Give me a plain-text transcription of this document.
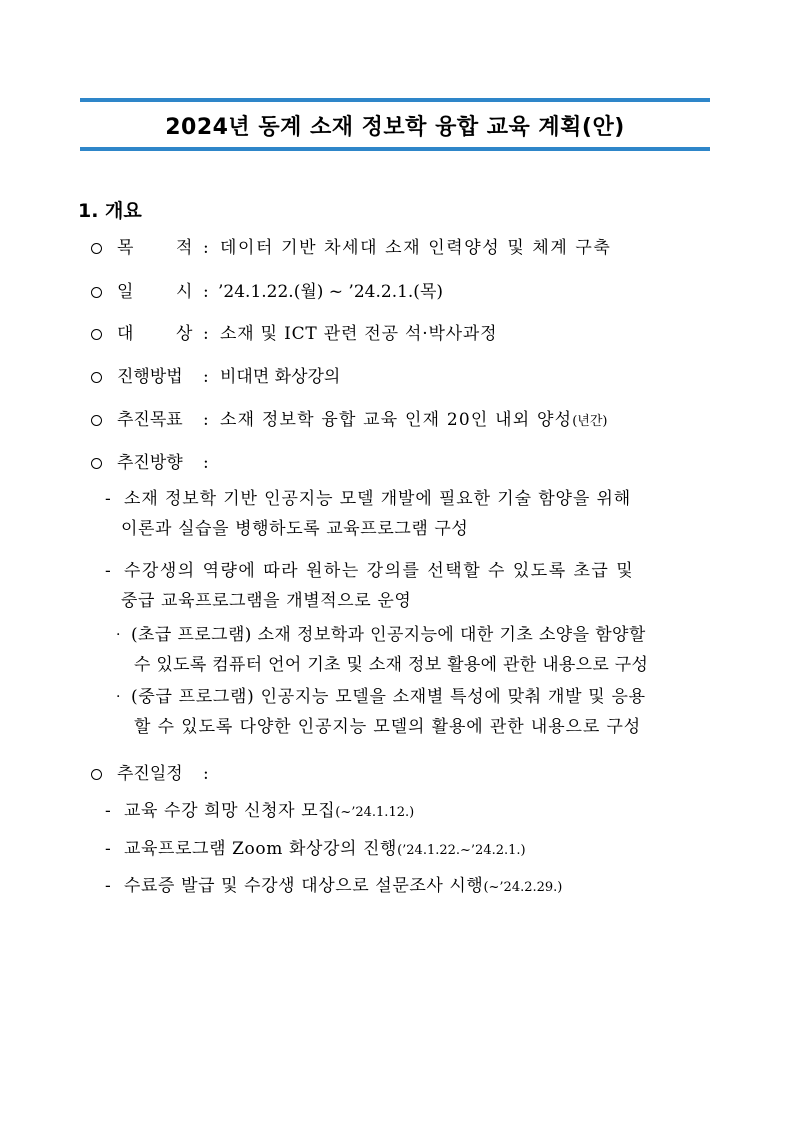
2024년 동계 소재 정보학 융합 교육 계획(안)
1. 개요
목	적 : 데이터 기반 차세대 소재 인력양성 및 체계 구축
일	시 : ’24.1.22.(월) ~ ’24.2.1.(목)
대	상 : 소재 및 ICT 관련 전공 석·박사과정
진행방법 : 비대면 화상강의
추진목표 : 소재 정보학 융합 교육 인재 20인 내외 양성(년간)
추진방향 :
- 소재 정보학 기반 인공지능 모델 개발에 필요한 기술 함양을 위해
이론과 실습을 병행하도록 교육프로그램 구성
- 수강생의 역량에 따라 원하는 강의를 선택할 수 있도록 초급 및
중급 교육프로그램을 개별적으로 운영
· (초급 프로그램) 소재 정보학과 인공지능에 대한 기초 소양을 함양할
수 있도록 컴퓨터 언어 기초 및 소재 정보 활용에 관한 내용으로 구성
· (중급 프로그램) 인공지능 모델을 소재별 특성에 맞춰 개발 및 응용
할 수 있도록 다양한 인공지능 모델의 활용에 관한 내용으로 구성
추진일정 :
- 교육 수강 희망 신청자 모집(~’24.1.12.)
- 교육프로그램 Zoom 화상강의 진행(’24.1.22.~’24.2.1.)
- 수료증 발급 및 수강생 대상으로 설문조사 시행(~’24.2.29.)
